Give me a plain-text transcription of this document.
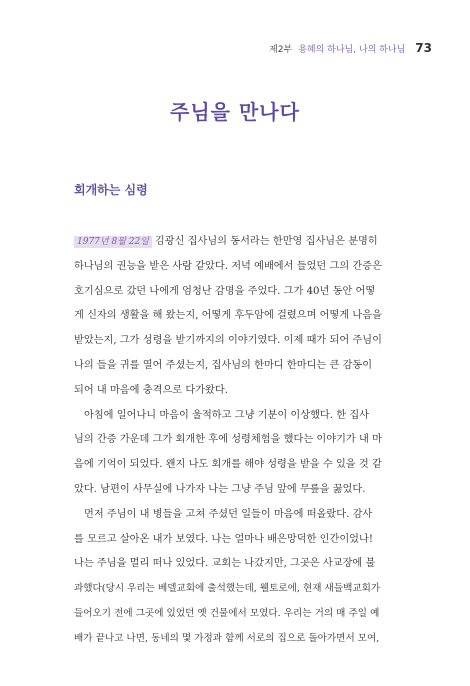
제2부 용혜의 하나님, 나의 하나님 73
주님을 만나다
회개하는 심령
1977년 8월 22일 김광신 집사님의 동서라는 한만영 집사님은 분명히
하나님의 권능을 받은 사람 같았다. 저녁 예배에서 들었던 그의 간증은
호기심으로 갔던 나에게 엄청난 감명을 주었다. 그가 40년 동안 어떻
게 신자의 생활을 해 왔는지, 어떻게 후두암에 걸렸으며 어떻게 나음을
받았는지, 그가 성령을 받기까지의 이야기였다. 이제 때가 되어 주님이
나의 들을 귀를 열어 주셨는지, 집사님의 한마디 한마디는 큰 감동이
되어 내 마음에 충격으로 다가왔다.
아침에 일어나니 마음이 울적하고 그냥 기분이 이상했다. 한 집사
님의 간증 가운데 그가 회개한 후에 성령체험을 했다는 이야기가 내 마
음에 기억이 되었다. 왠지 나도 회개를 해야 성령을 받을 수 있을 것 같
았다. 남편이 사무실에 나가자 나는 그냥 주님 앞에 무릎을 꿇었다.
먼저 주님이 내 병들을 고쳐 주셨던 일들이 마음에 떠올랐다. 감사
를 모르고 살아온 내가 보였다. 나는 얼마나 배은망덕한 인간이었나!
나는 주님을 멀리 떠나 있었다. 교회는 나갔지만, 그곳은 사교장에 불
과했다(당시 우리는 베델교회에 출석했는데, 웰토로에, 현재 새들백교회가
들어오기 전에 그곳에 있었던 옛 건물에서 모였다. 우리는 거의 매 주일 예
배가 끝나고 나면, 동네의 몇 가정과 함께 서로의 집으로 돌아가면서 모여,
